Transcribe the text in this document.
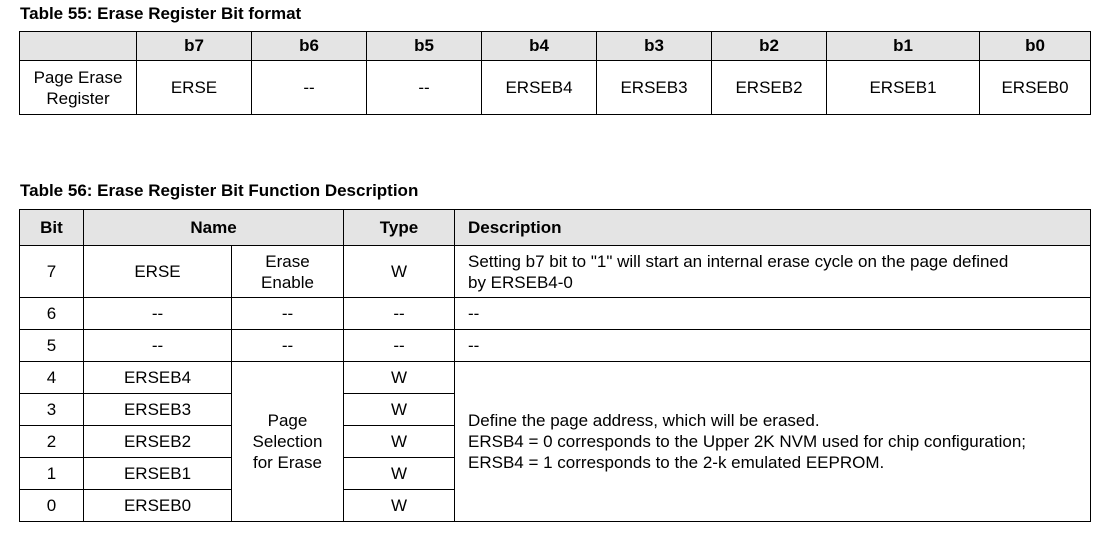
Table 55: Erase Register Bit format
	b7	b6	b5	b4	b3	b2	b1	b0

Page Erase
Register	ERSE	--	--	ERSEB4	ERSEB3	ERSEB2	ERSEB1	ERSEB0
Table 56: Erase Register Bit Function Description
Bit	Name		Type	Description
7	ERSE	Erase
Enable	W	Setting b7 bit to "1" will start an internal erase cycle on the page defined
by ERSEB4-0

6	--	--	--	--
5	--	--	--	--
4	ERSEB4	Page
Selection
for Erase	W	Define the page address, which will be erased.
ERSB4 = 0 corresponds to the Upper 2K NVM used for chip configuration;
ERSB4 = 1 corresponds to the 2-k emulated EEPROM.

3	ERSEB3		W	
2	ERSEB2		W	
1	ERSEB1		W	
0	ERSEB0		W	
